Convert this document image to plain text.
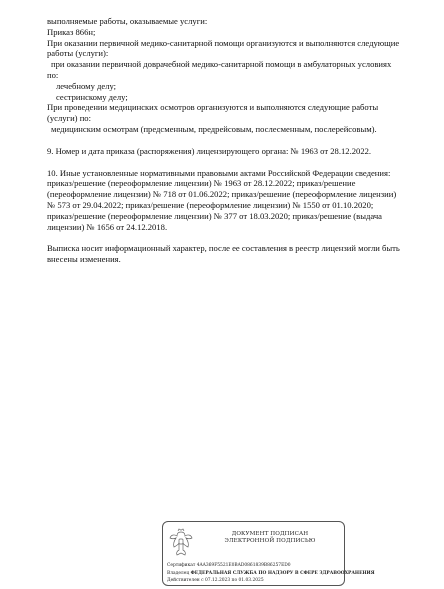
выполняемые работы, оказываемые услуги:
Приказ 866н;
При оказании первичной медико-санитарной помощи организуются и выполняются следующие
работы (услуги):
при оказании первичной доврачебной медико-санитарной помощи в амбулаторных условиях
по:
лечебному делу;
сестринскому делу;
При проведении медицинских осмотров организуются и выполняются следующие работы
(услуги) по:
медицинским осмотрам (предсменным, предрейсовым, послесменным, послерейсовым).
9. Номер и дата приказа (распоряжения) лицензирующего органа: № 1963 от 28.12.2022.
10. Иные установленные нормативными правовыми актами Российской Федерации сведения:
приказ/решение (переоформление лицензии) № 1963 от 28.12.2022; приказ/решение
(переоформление лицензии) № 718 от 01.06.2022; приказ/решение (переоформление лицензии)
№ 573 от 29.04.2022; приказ/решение (переоформление лицензии) № 1550 от 01.10.2020;
приказ/решение (переоформление лицензии) № 377 от 18.03.2020; приказ/решение (выдача
лицензии) № 1656 от 24.12.2018.
Выписка носит информационный характер, после ее составления в реестр лицензий могли быть
внесены изменения.
ДОКУМЕНТ ПОДПИСАН
ЭЛЕКТРОННОЙ ПОДПИСЬЮ
Сертификат 4AA369F5521E0BAD0861839B86257ED0
Владелец ФЕДЕРАЛЬНАЯ СЛУЖБА ПО НАДЗОРУ В СФЕРЕ ЗДРАВООХРАНЕНИЯ
Действителен с 07.12.2023 по 01.03.2025
